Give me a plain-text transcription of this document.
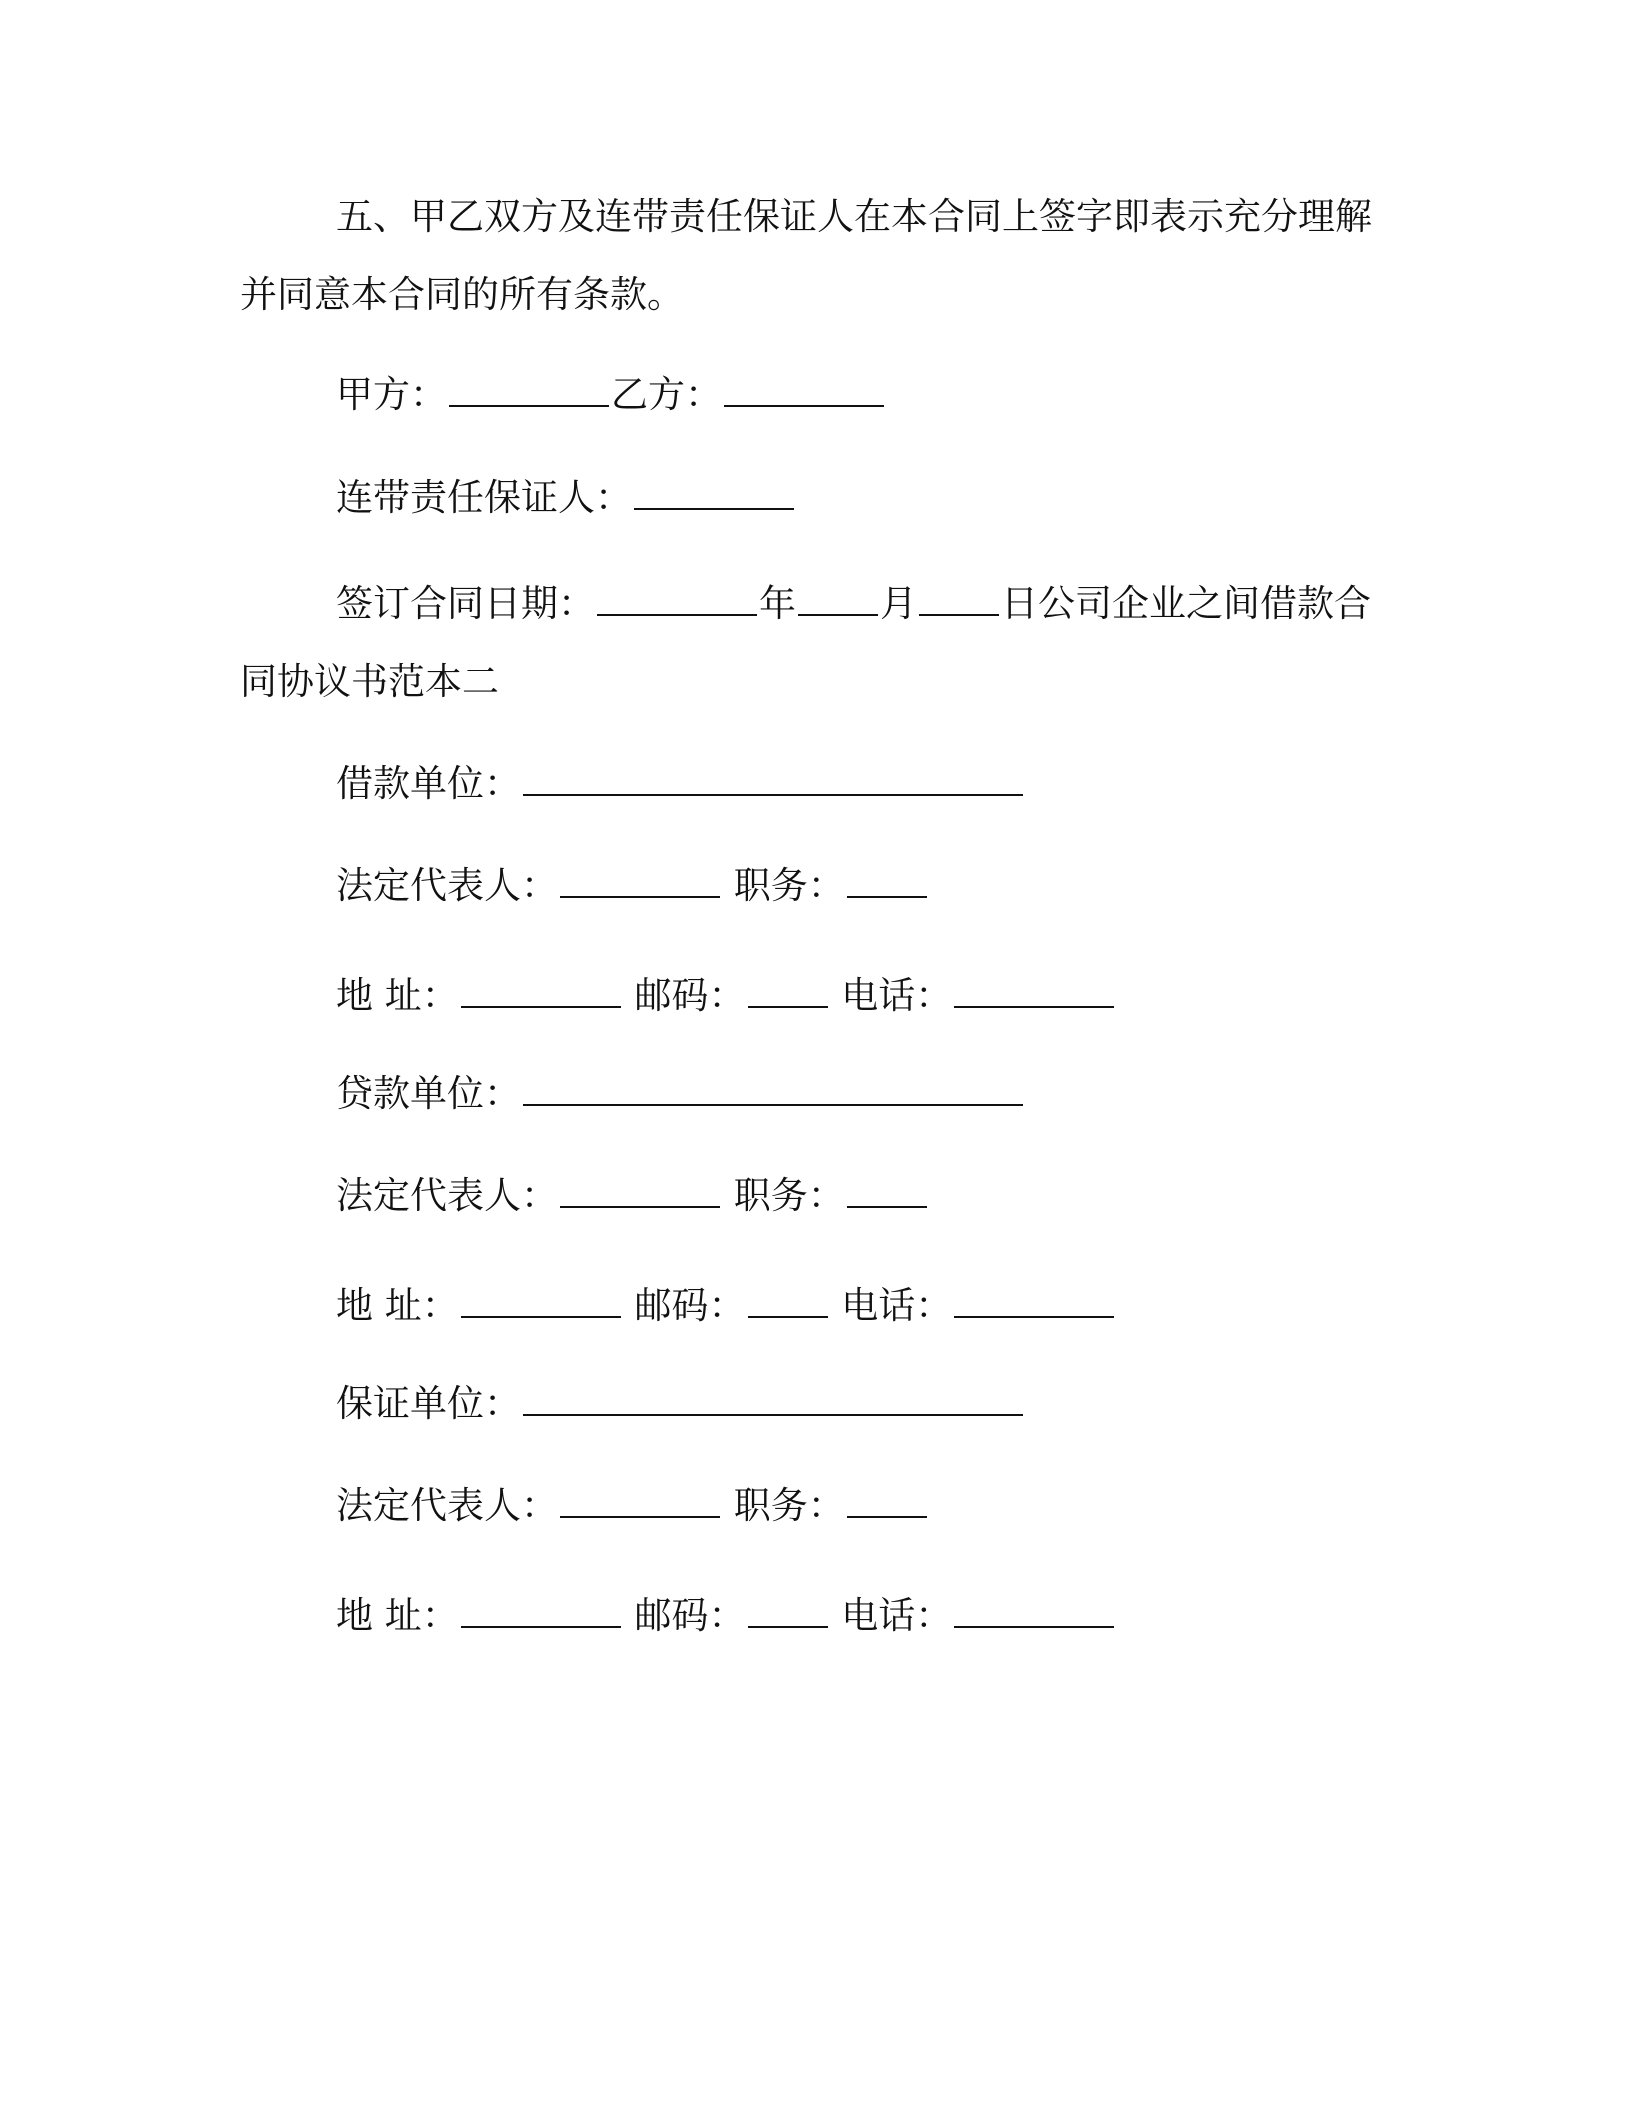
五、甲乙双方及连带责任保证人在本合同上签字即表示充分理解并同意本合同的所有条款。
甲方：	乙方：
连带责任保证人：
签订合同日期：	年 月 日公司企业之间借款合同协议书范本二
借款单位：
法定代表人：	职务：
地 址：	邮码：	电话：
贷款单位：
法定代表人：	职务：
地 址：	邮码：	电话：
保证单位：
法定代表人：	职务：
地 址：	邮码：	电话：
